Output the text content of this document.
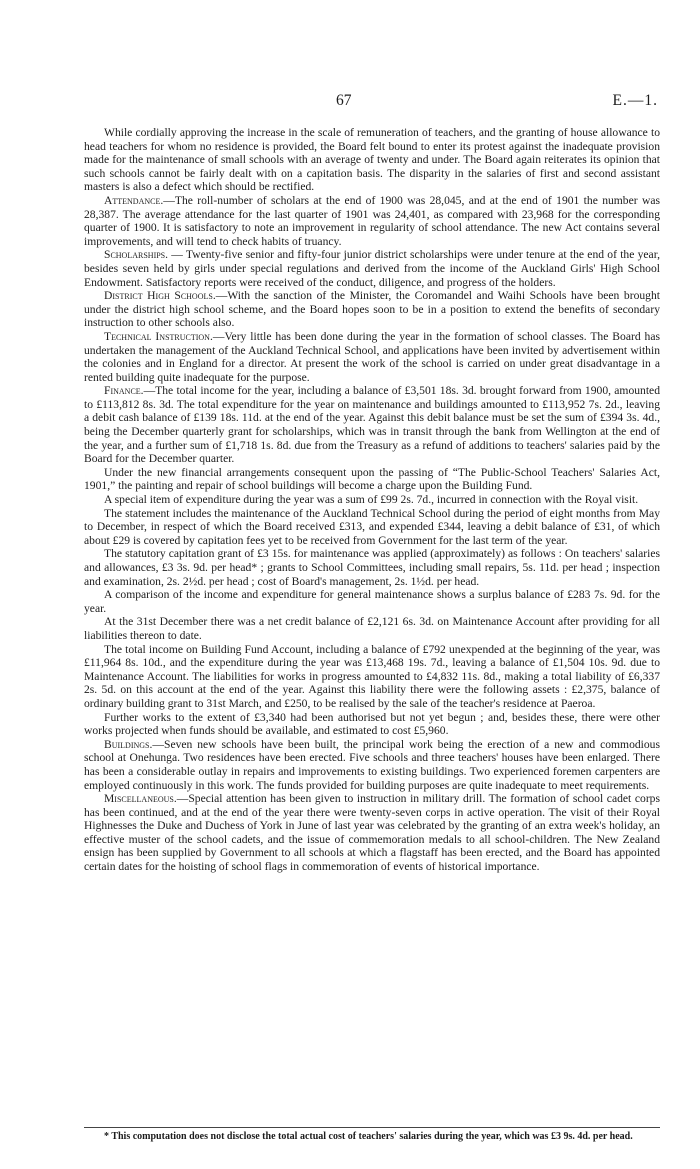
67	E.—1.

While cordially approving the increase in the scale of remuneration of teachers, and the granting of house allowance to head teachers for whom no residence is provided, the Board felt bound to enter its protest against the inadequate provision made for the maintenance of small schools with an average of twenty and under. The Board again reiterates its opinion that such schools cannot be fairly dealt with on a capitation basis. The disparity in the salaries of first and second assistant masters is also a defect which should be rectified.

Attendance.—The roll-number of scholars at the end of 1900 was 28,045, and at the end of 1901 the number was 28,387. The average attendance for the last quarter of 1901 was 24,401, as compared with 23,968 for the corresponding quarter of 1900. It is satisfactory to note an improvement in regularity of school attendance. The new Act contains several improvements, and will tend to check habits of truancy.

Scholarships. — Twenty-five senior and fifty-four junior district scholarships were under tenure at the end of the year, besides seven held by girls under special regulations and derived from the income of the Auckland Girls' High School Endowment. Satisfactory reports were received of the conduct, diligence, and progress of the holders.

District High Schools.—With the sanction of the Minister, the Coromandel and Waihi Schools have been brought under the district high school scheme, and the Board hopes soon to be in a position to extend the benefits of secondary instruction to other schools also.

Technical Instruction.—Very little has been done during the year in the formation of school classes. The Board has undertaken the management of the Auckland Technical School, and applications have been invited by advertisement within the colonies and in England for a director. At present the work of the school is carried on under great disadvantage in a rented building quite inadequate for the purpose.

Finance.—The total income for the year, including a balance of £3,501 18s. 3d. brought forward from 1900, amounted to £113,812 8s. 3d. The total expenditure for the year on maintenance and buildings amounted to £113,952 7s. 2d., leaving a debit cash balance of £139 18s. 11d. at the end of the year. Against this debit balance must be set the sum of £394 3s. 4d., being the December quarterly grant for scholarships, which was in transit through the bank from Wellington at the end of the year, and a further sum of £1,718 1s. 8d. due from the Treasury as a refund of additions to teachers' salaries paid by the Board for the December quarter.

Under the new financial arrangements consequent upon the passing of “The Public-School Teachers' Salaries Act, 1901,” the painting and repair of school buildings will become a charge upon the Building Fund.

A special item of expenditure during the year was a sum of £99 2s. 7d., incurred in connection with the Royal visit.

The statement includes the maintenance of the Auckland Technical School during the period of eight months from May to December, in respect of which the Board received £313, and expended £344, leaving a debit balance of £31, of which about £29 is covered by capitation fees yet to be received from Government for the last term of the year.

The statutory capitation grant of £3 15s. for maintenance was applied (approximately) as follows : On teachers' salaries and allowances, £3 3s. 9d. per head* ; grants to School Committees, including small repairs, 5s. 11d. per head ; inspection and examination, 2s. 2½d. per head ; cost of Board's management, 2s. 1½d. per head.

A comparison of the income and expenditure for general maintenance shows a surplus balance of £283 7s. 9d. for the year.

At the 31st December there was a net credit balance of £2,121 6s. 3d. on Maintenance Account after providing for all liabilities thereon to date.

The total income on Building Fund Account, including a balance of £792 unexpended at the beginning of the year, was £11,964 8s. 10d., and the expenditure during the year was £13,468 19s. 7d., leaving a balance of £1,504 10s. 9d. due to Maintenance Account. The liabilities for works in progress amounted to £4,832 11s. 8d., making a total liability of £6,337 2s. 5d. on this account at the end of the year. Against this liability there were the following assets : £2,375, balance of ordinary building grant to 31st March, and £250, to be realised by the sale of the teacher's residence at Paeroa.

Further works to the extent of £3,340 had been authorised but not yet begun ; and, besides these, there were other works projected when funds should be available, and estimated to cost £5,960.

Buildings.—Seven new schools have been built, the principal work being the erection of a new and commodious school at Onehunga. Two residences have been erected. Five schools and three teachers' houses have been enlarged. There has been a considerable outlay in repairs and improvements to existing buildings. Two experienced foremen carpenters are employed continuously in this work. The funds provided for building purposes are quite inadequate to meet requirements.

Miscellaneous.—Special attention has been given to instruction in military drill. The formation of school cadet corps has been continued, and at the end of the year there were twenty-seven corps in active operation. The visit of their Royal Highnesses the Duke and Duchess of York in June of last year was celebrated by the granting of an extra week's holiday, an effective muster of the school cadets, and the issue of commemoration medals to all school-children. The New Zealand ensign has been supplied by Government to all schools at which a flagstaff has been erected, and the Board has appointed certain dates for the hoisting of school flags in commemoration of events of historical importance.

* This computation does not disclose the total actual cost of teachers' salaries during the year, which was £3 9s. 4d. per head.
